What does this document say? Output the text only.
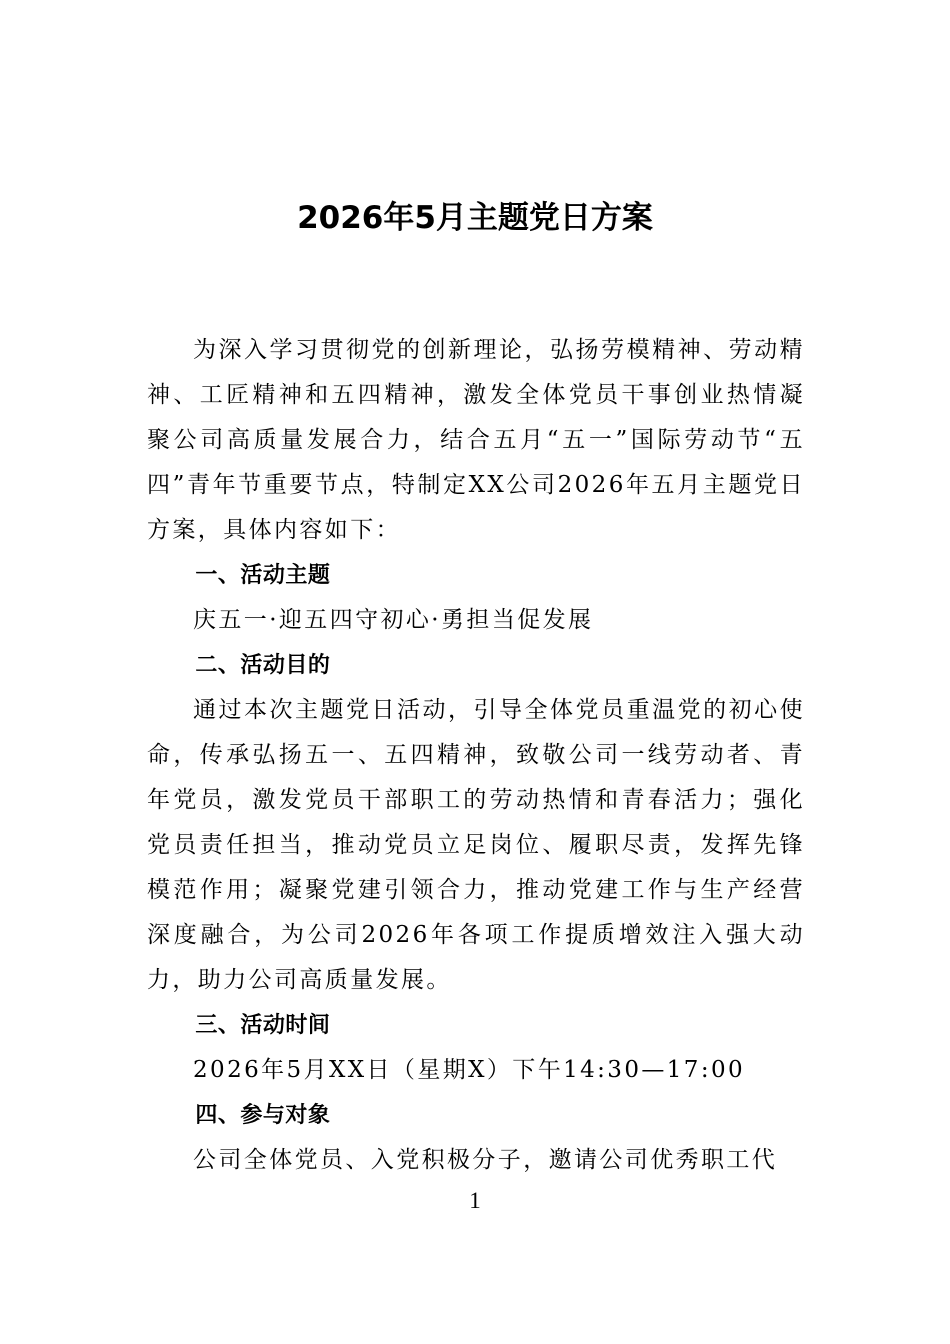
2026年5月主题党日方案

为深入学习贯彻党的创新理论，弘扬劳模精神、劳动精神、工匠精神和五四精神，激发全体党员干事创业热情凝聚公司高质量发展合力，结合五月“五一”国际劳动节“五四”青年节重要节点，特制定XX公司2026年五月主题党日方案，具体内容如下：

一、活动主题

庆五一·迎五四守初心·勇担当促发展

二、活动目的

通过本次主题党日活动，引导全体党员重温党的初心使命，传承弘扬五一、五四精神，致敬公司一线劳动者、青年党员，激发党员干部职工的劳动热情和青春活力；强化党员责任担当，推动党员立足岗位、履职尽责，发挥先锋模范作用；凝聚党建引领合力，推动党建工作与生产经营深度融合，为公司2026年各项工作提质增效注入强大动力，助力公司高质量发展。

三、活动时间

2026年5月XX日（星期X）下午14:30—17:00

四、参与对象

公司全体党员、入党积极分子，邀请公司优秀职工代

1
